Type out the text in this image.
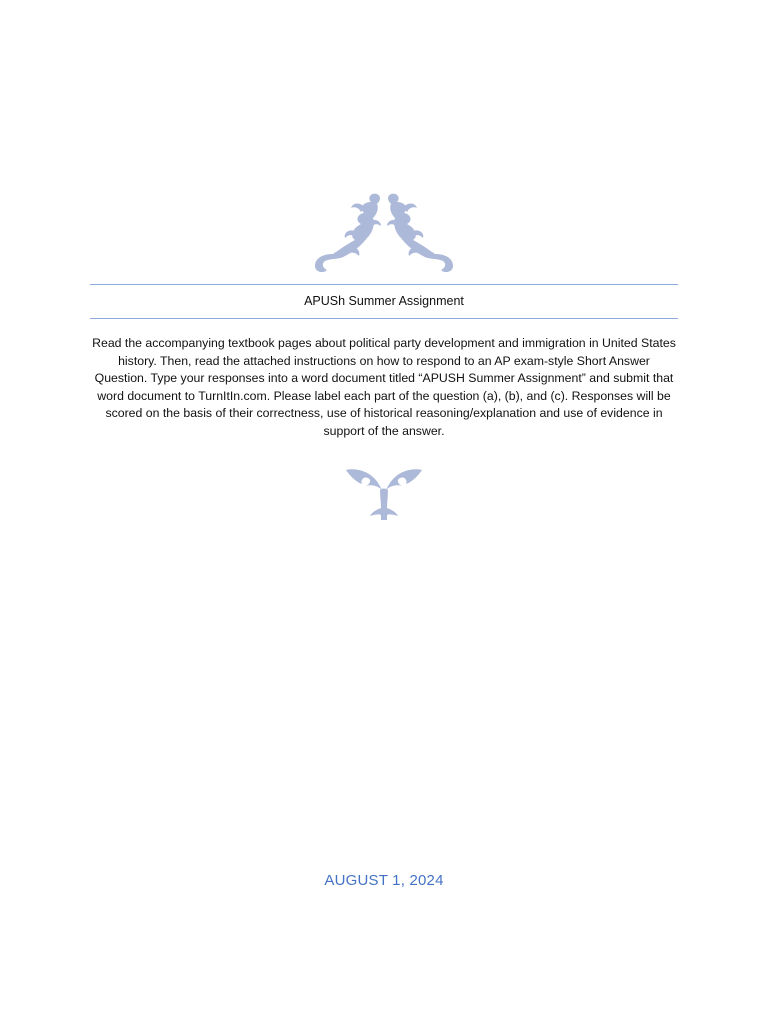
APUSh Summer Assignment
Read the accompanying textbook pages about political party development and immigration in United States history. Then, read the attached instructions on how to respond to an AP exam-style Short Answer Question. Type your responses into a word document titled “APUSH Summer Assignment” and submit that word document to TurnItIn.com. Please label each part of the question (a), (b), and (c). Responses will be scored on the basis of their correctness, use of historical reasoning/explanation and use of evidence in support of the answer.
AUGUST 1, 2024
